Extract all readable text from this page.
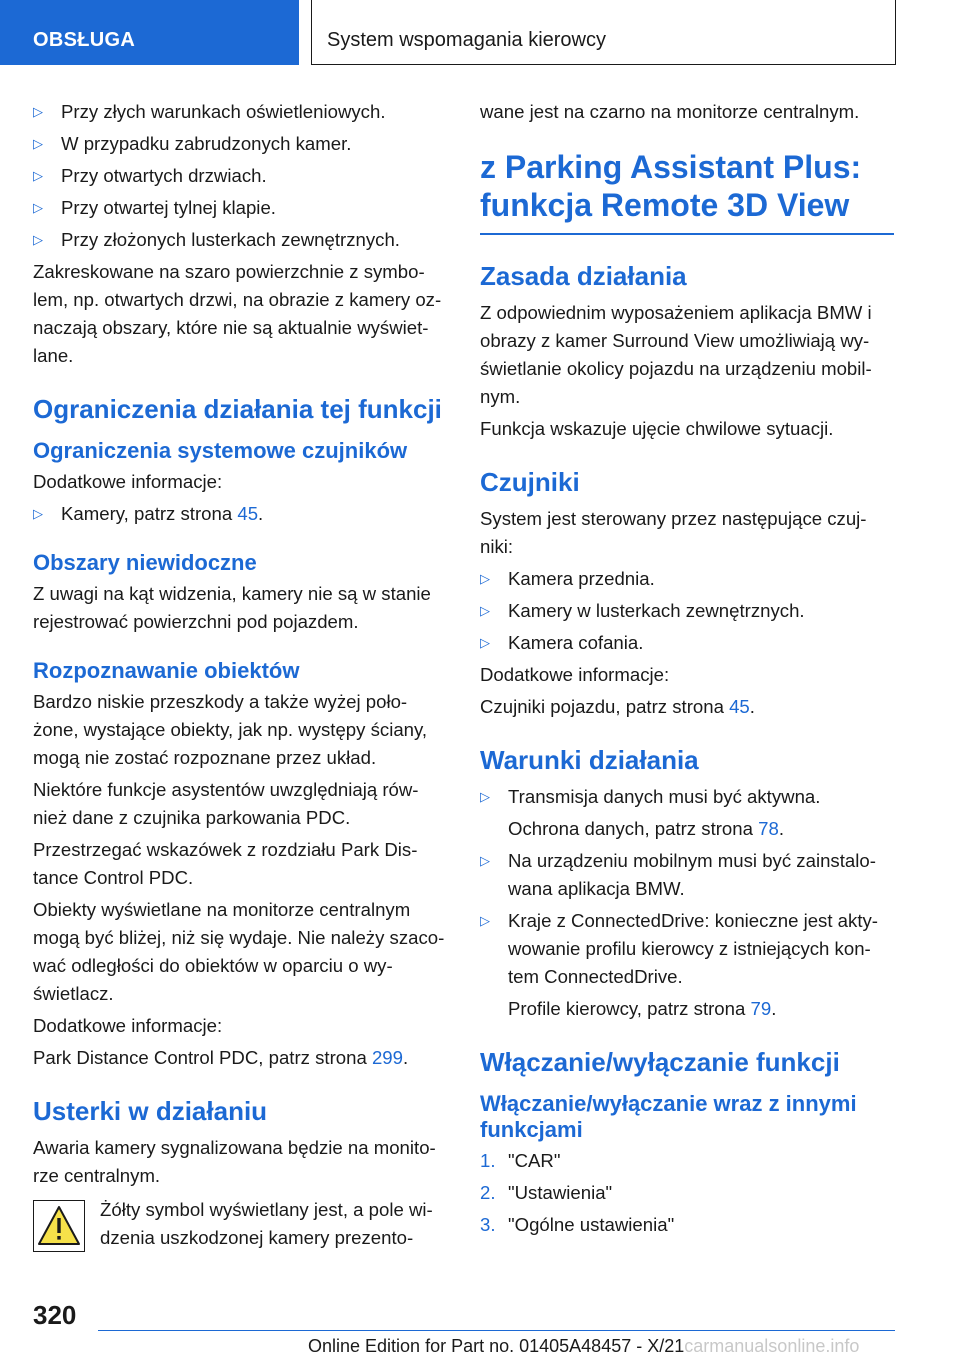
OBSŁUGA	System wspomagania kierowcy
▷ Przy złych warunkach oświetleniowych.
▷ W przypadku zabrudzonych kamer.
▷ Przy otwartych drzwiach.
▷ Przy otwartej tylnej klapie.
▷ Przy złożonych lusterkach zewnętrznych.

Zakreskowane na szaro powierzchnie z symbo-lem, np. otwartych drzwi, na obrazie z kamery oz-naczają obszary, które nie są aktualnie wyświet-lane.

Ograniczenia działania tej funkcji
Ograniczenia systemowe czujników

Dodatkowe informacje:

▷ Kamery, patrz strona 45.
Obszary niewidoczne

Z uwagi na kąt widzenia, kamery nie są w stanie rejestrować powierzchni pod pojazdem.

Rozpoznawanie obiektów

Bardzo niskie przeszkody a także wyżej poło-żone, wystające obiekty, jak np. występy ściany, mogą nie zostać rozpoznane przez układ.

Niektóre funkcje asystentów uwzględniają rów-nież dane z czujnika parkowania PDC.

Przestrzegać wskazówek z rozdziału Park Dis-tance Control PDC.

Obiekty wyświetlane na monitorze centralnym mogą być bliżej, niż się wydaje. Nie należy szaco-wać odległości do obiektów w oparciu o wy-świetlacz.

Dodatkowe informacje:

Park Distance Control PDC, patrz strona 299.

Usterki w działaniu

Awaria kamery sygnalizowana będzie na monito-rze centralnym.

Żółty symbol wyświetlany jest, a pole wi-dzenia uszkodzonej kamery prezento-

wane jest na czarno na monitorze centralnym.

z Parking Assistant Plus: funkcja Remote 3D View
Zasada działania

Z odpowiednim wyposażeniem aplikacja BMW i obrazy z kamer Surround View umożliwiają wy-świetlanie okolicy pojazdu na urządzeniu mobil-nym.

Funkcja wskazuje ujęcie chwilowe sytuacji.

Czujniki

System jest sterowany przez następujące czuj-niki:

▷ Kamera przednia.
▷ Kamery w lusterkach zewnętrznych.
▷ Kamera cofania.

Dodatkowe informacje:

Czujniki pojazdu, patrz strona 45.

Warunki działania
▷ Transmisja danych musi być aktywna.
Ochrona danych, patrz strona 78.
▷ Na urządzeniu mobilnym musi być zainstalo-wana aplikacja BMW.
▷ Kraje z ConnectedDrive: konieczne jest akty-wowanie profilu kierowcy z istniejących kon-tem ConnectedDrive.
Profile kierowcy, patrz strona 79.
Włączanie/wyłączanie funkcji
Włączanie/wyłączanie wraz z innymi funkcjami
1. "CAR"
2. "Ustawienia"
3. "Ogólne ustawienia"
320
Online Edition for Part no. 01405A48457 - X/21carmanualsonline.info
